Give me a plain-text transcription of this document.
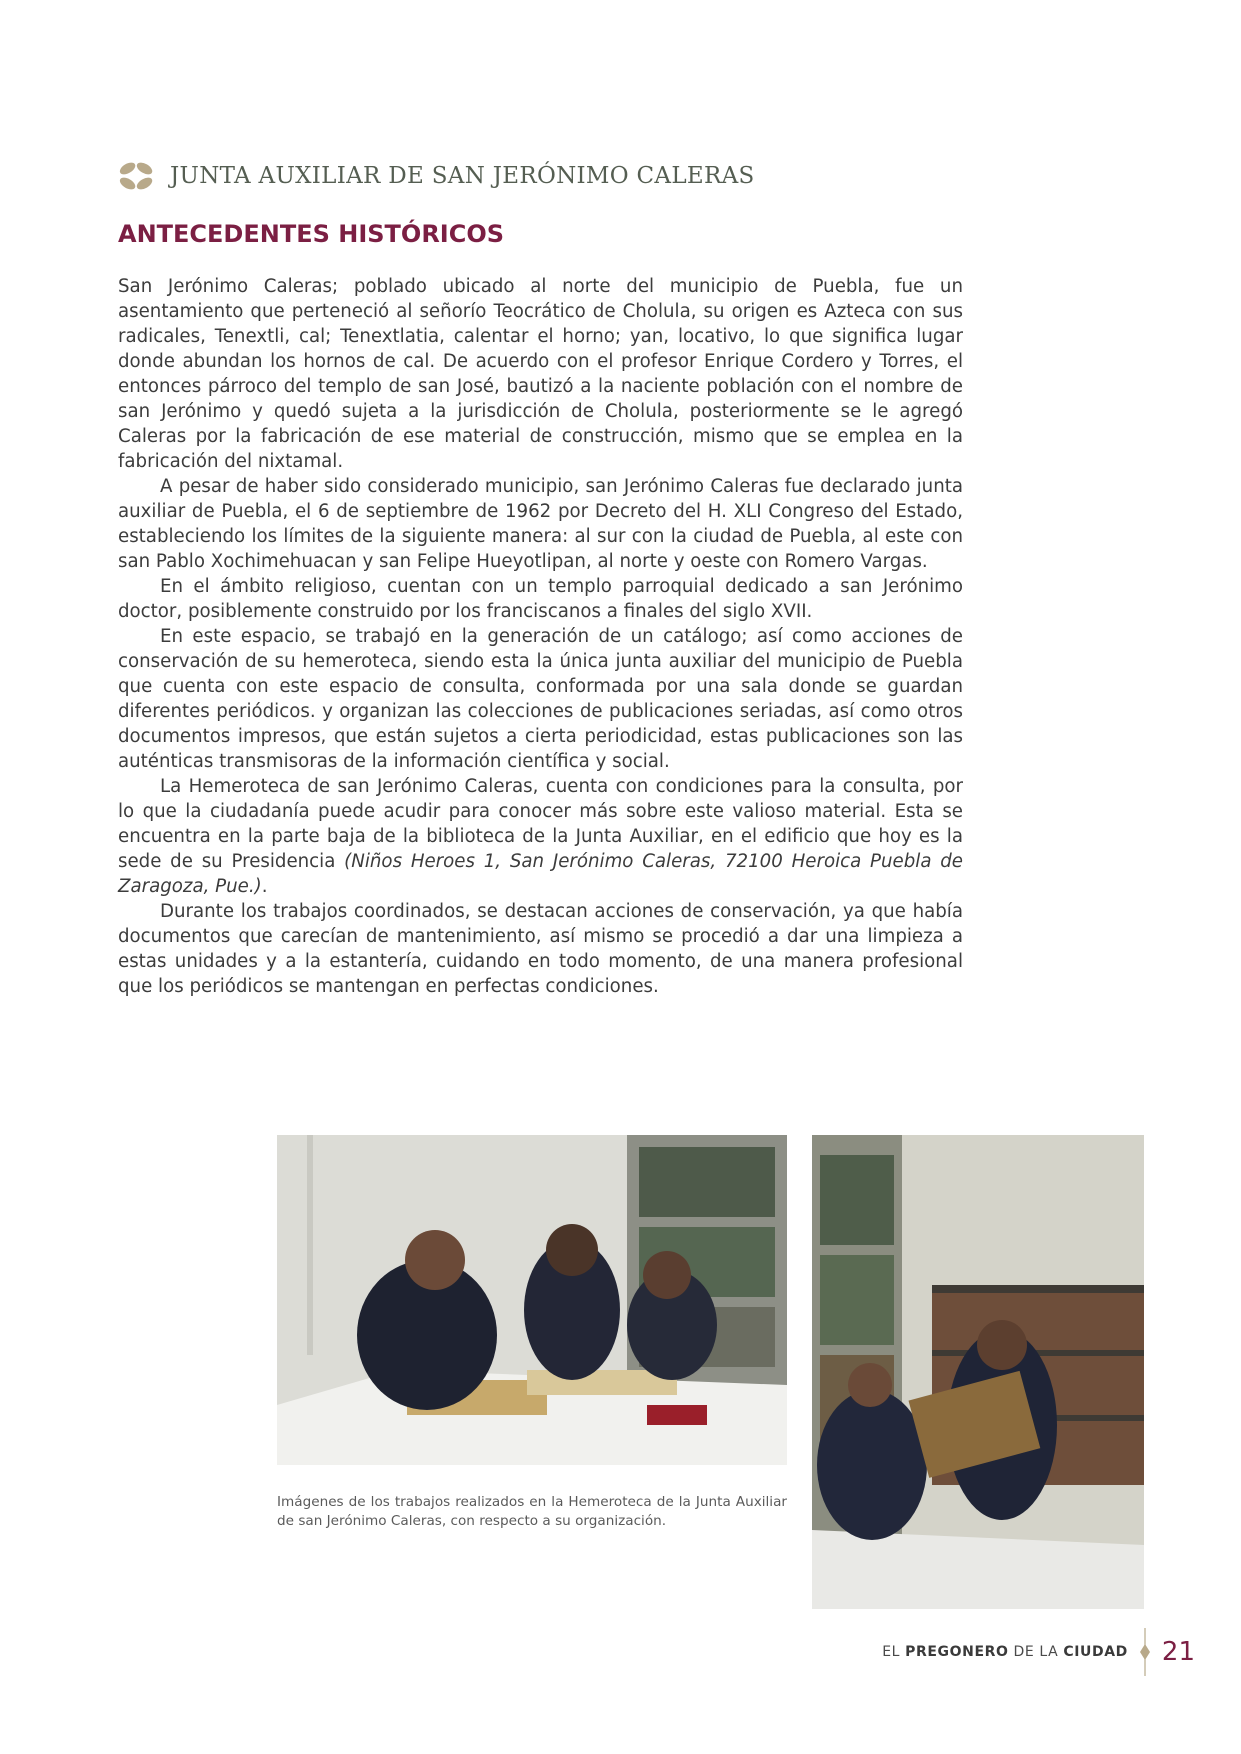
JUNTA AUXILIAR DE SAN JERÓNIMO CALERAS
ANTECEDENTES HISTÓRICOS

San Jerónimo Caleras; poblado ubicado al norte del municipio de Puebla, fue un asentamiento que perteneció al señorío Teocrático de Cholula, su origen es Azteca con sus radicales, Tenextli, cal; Tenextlatia, calentar el horno; yan, locativo, lo que significa lugar donde abundan los hornos de cal. De acuerdo con el profesor Enrique Cordero y Torres, el entonces párroco del templo de san José, bautizó a la naciente población con el nombre de san Jerónimo y quedó sujeta a la jurisdicción de Cholula, posteriormente se le agregó Caleras por la fabricación de ese material de construcción, mismo que se emplea en la fabricación del nixtamal.

A pesar de haber sido considerado municipio, san Jerónimo Caleras fue declarado junta auxiliar de Puebla, el 6 de septiembre de 1962 por Decreto del H. XLI Congreso del Estado, estableciendo los límites de la siguiente manera: al sur con la ciudad de Puebla, al este con san Pablo Xochimehuacan y san Felipe Hueyotlipan, al norte y oeste con Romero Vargas.

En el ámbito religioso, cuentan con un templo parroquial dedicado a san Jerónimo doctor, posiblemente construido por los franciscanos a finales del siglo XVII.

En este espacio, se trabajó en la generación de un catálogo; así como acciones de conservación de su hemeroteca, siendo esta la única junta auxiliar del municipio de Puebla que cuenta con este espacio de consulta, conformada por una sala donde se guardan diferentes periódicos. y organizan las colecciones de publicaciones seriadas, así como otros documentos impresos, que están sujetos a cierta periodicidad, estas publicaciones son las auténticas transmisoras de la información científica y social.

La Hemeroteca de san Jerónimo Caleras, cuenta con condiciones para la consulta, por lo que la ciudadanía puede acudir para conocer más sobre este valioso material. Esta se encuentra en la parte baja de la biblioteca de la Junta Auxiliar, en el edificio que hoy es la sede de su Presidencia (Niños Heroes 1, San Jerónimo Caleras, 72100 Heroica Puebla de Zaragoza, Pue.).

Durante los trabajos coordinados, se destacan acciones de conservación, ya que había documentos que carecían de mantenimiento, así mismo se procedió a dar una limpieza a estas unidades y a la estantería, cuidando en todo momento, de una manera profesional que los periódicos se mantengan en perfectas condiciones.

Imágenes de los trabajos realizados en la Hemeroteca de la Junta Auxiliar de san Jerónimo Caleras, con respecto a su organización.

EL PREGONERO DE LA CIUDAD 21
